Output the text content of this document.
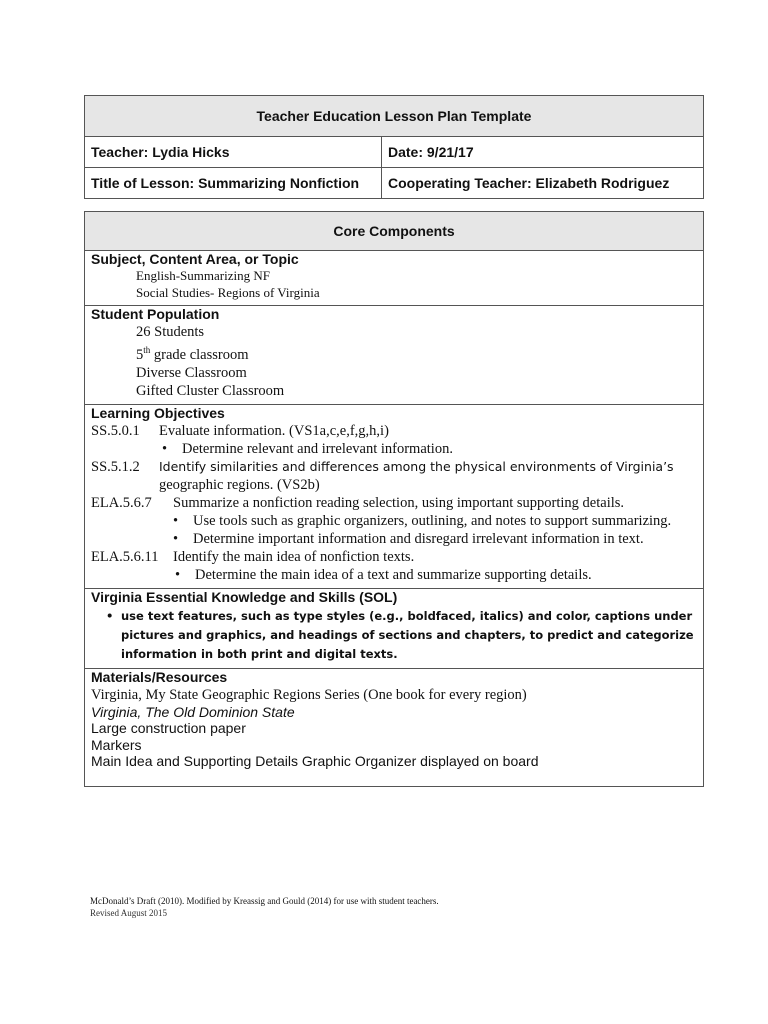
Teacher Education Lesson Plan Template	
Teacher: Lydia Hicks	Date: 9/21/17
Title of Lesson: Summarizing Nonfiction	Cooperating Teacher: Elizabeth Rodriguez
Core Components

Subject, Content Area, or Topic
English-Summarizing NF
Social Studies- Regions of Virginia

Student Population
26 Students
5th grade classroom
Diverse Classroom
Gifted Cluster Classroom

Learning Objectives
SS.5.0.1 Evaluate information. (VS1a,c,e,f,g,h,i)
• Determine relevant and irrelevant information.
SS.5.1.2 Identify similarities and differences among the physical environments of Virginia’s
geographic regions. (VS2b)
ELA.5.6.7 Summarize a nonfiction reading selection, using important supporting details.
• Use tools such as graphic organizers, outlining, and notes to support summarizing.
• Determine important information and disregard irrelevant information in text.
ELA.5.6.11 Identify the main idea of nonfiction texts.
• Determine the main idea of a text and summarize supporting details.

Virginia Essential Knowledge and Skills (SOL)
• use text features, such as type styles (e.g., boldfaced, italics) and color, captions under pictures and graphics, and headings of sections and chapters, to predict and categorize information in both print and digital texts.

Materials/Resources
Virginia, My State Geographic Regions Series (One book for every region)
Virginia, The Old Dominion State
Large construction paper
Markers
Main Idea and Supporting Details Graphic Organizer displayed on board
McDonald’s Draft (2010). Modified by Kreassig and Gould (2014) for use with student teachers.
Revised August 2015
